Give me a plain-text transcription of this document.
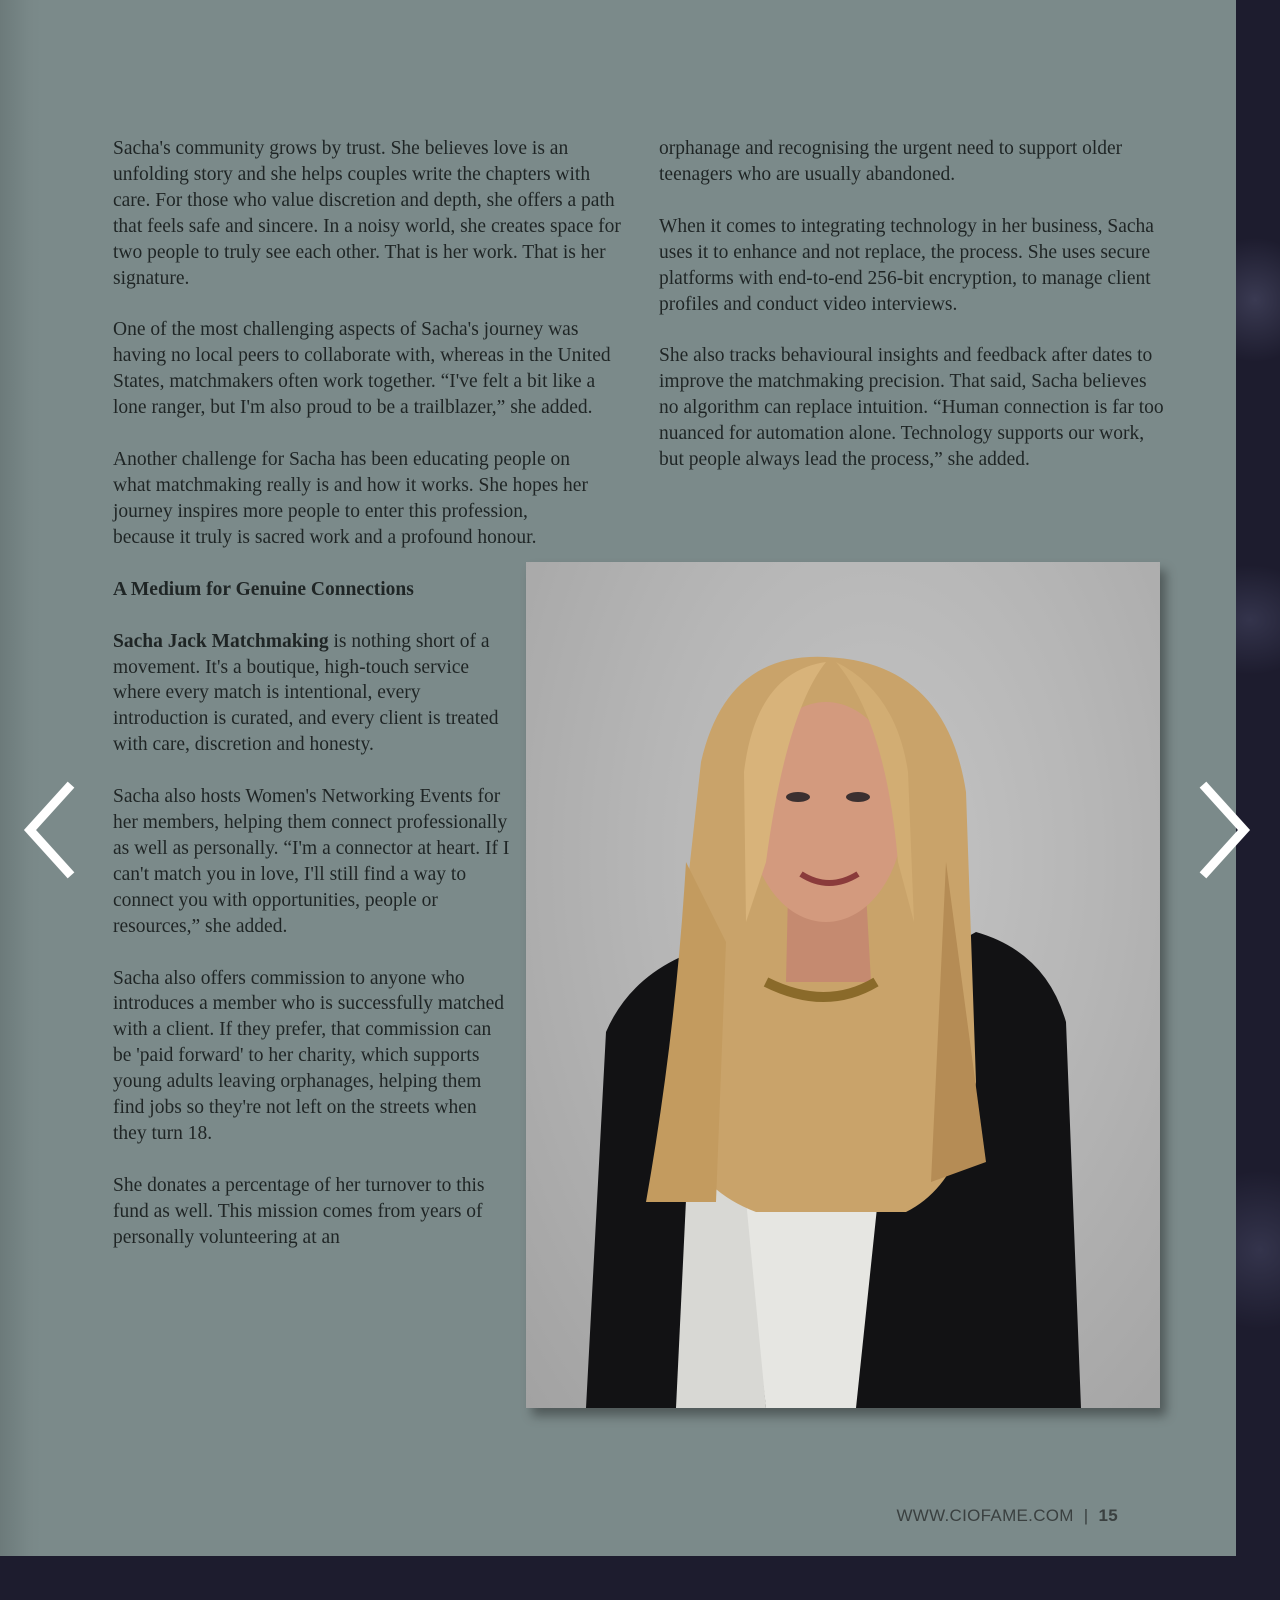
Sacha's community grows by trust. She believes love is an unfolding story and she helps couples write the chapters with care. For those who value discretion and depth, she offers a path that feels safe and sincere. In a noisy world, she creates space for two people to truly see each other. That is her work. That is her signature.

One of the most challenging aspects of Sacha's journey was having no local peers to collaborate with, whereas in the United States, matchmakers often work together. “I've felt a bit like a lone ranger, but I'm also proud to be a trailblazer,” she added.

Another challenge for Sacha has been educating people on what matchmaking really is and how it works. She hopes her journey inspires more people to enter this profession, because it truly is sacred work and a profound honour.

A Medium for Genuine Connections

Sacha Jack Matchmaking is nothing short of a movement. It's a boutique, high-touch service where every match is intentional, every introduction is curated, and every client is treated with care, discretion and honesty.

Sacha also hosts Women's Networking Events for her members, helping them connect professionally as well as personally. “I'm a connector at heart. If I can't match you in love, I'll still find a way to connect you with opportunities, people or resources,” she added.

Sacha also offers commission to anyone who introduces a member who is successfully matched with a client. If they prefer, that commission can be 'paid forward' to her charity, which supports young adults leaving orphanages, helping them find jobs so they're not left on the streets when they turn 18.

She donates a percentage of her turnover to this fund as well. This mission comes from years of personally volunteering at an

orphanage and recognising the urgent need to support older teenagers who are usually abandoned.

When it comes to integrating technology in her business, Sacha uses it to enhance and not replace, the process. She uses secure platforms with end-to-end 256-bit encryption, to manage client profiles and conduct video interviews.

She also tracks behavioural insights and feedback after dates to improve the matchmaking precision. That said, Sacha believes no algorithm can replace intuition. “Human connection is far too nuanced for automation alone. Technology supports our work, but people always lead the process,” she added.

WWW.CIOFAME.COM | 15
